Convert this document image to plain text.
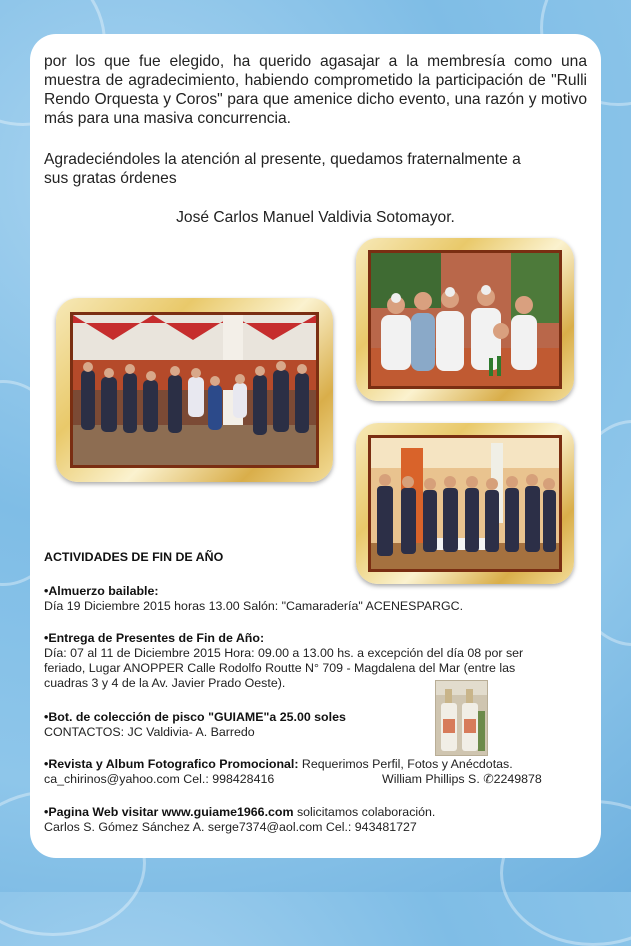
por los que fue elegido, ha querido agasajar a la membresía como una muestra de agradecimiento, habiendo comprometido la participación de "Rulli Rendo Orquesta y Coros" para que amenice dicho evento, una razón y motivo más para una masiva concurrencia.
Agradeciéndoles la atención al presente, quedamos fraternalmente a
sus gratas órdenes
José Carlos Manuel Valdivia Sotomayor.
ACTIVIDADES DE FIN DE AÑO
•Almuerzo bailable:
Día 19 Diciembre 2015 horas 13.00 Salón: "Camaradería" ACENESPARGC.
•Entrega de Presentes de Fin de Año:
Día: 07 al 11 de Diciembre 2015 Hora: 09.00 a 13.00 hs. a excepción del día 08 por ser
feriado, Lugar ANOPPER Calle Rodolfo Routte N° 709 - Magdalena del Mar (entre las
cuadras 3 y 4 de la Av. Javier Prado Oeste).
•Bot. de colección de pisco "GUIAME"a 25.00 soles
CONTACTOS: JC Valdivia- A. Barredo
•Revista y Album Fotografico Promocional: Requerimos Perfil, Fotos y Anécdotas.
ca_chirinos@yahoo.com Cel.: 998428416	William Phillips S. ✆2249878
•Pagina Web visitar www.guiame1966.com solicitamos colaboración.
Carlos S. Gómez Sánchez A. serge7374@aol.com Cel.: 943481727
